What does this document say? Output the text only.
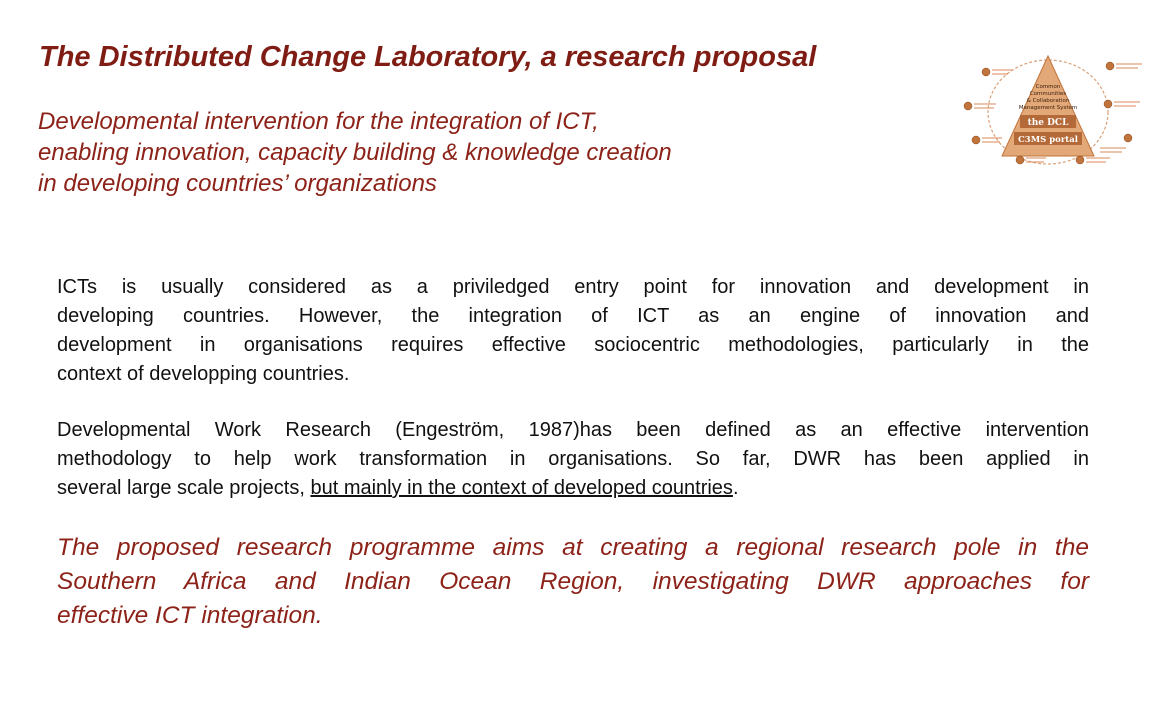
The Distributed Change Laboratory, a research proposal

Developmental intervention for the integration of ICT,
enabling innovation, capacity building & knowledge creation
in developing countries’ organizations

Common
Communities
& Collaboration
Management System
the DCL
C3MS portal

ICTs is usually considered as a priviledged entry point for innovation and development in
developing countries. However, the integration of ICT as an engine of innovation and
development in organisations requires effective sociocentric methodologies, particularly in the
context of developping countries.

Developmental Work Research (Engeström, 1987)has been defined as an effective intervention
methodology to help work transformation in organisations. So far, DWR has been applied in
several large scale projects, but mainly in the context of developed countries.

The proposed research programme aims at creating a regional research pole in the
Southern Africa and Indian Ocean Region, investigating DWR approaches for
effective ICT integration.
